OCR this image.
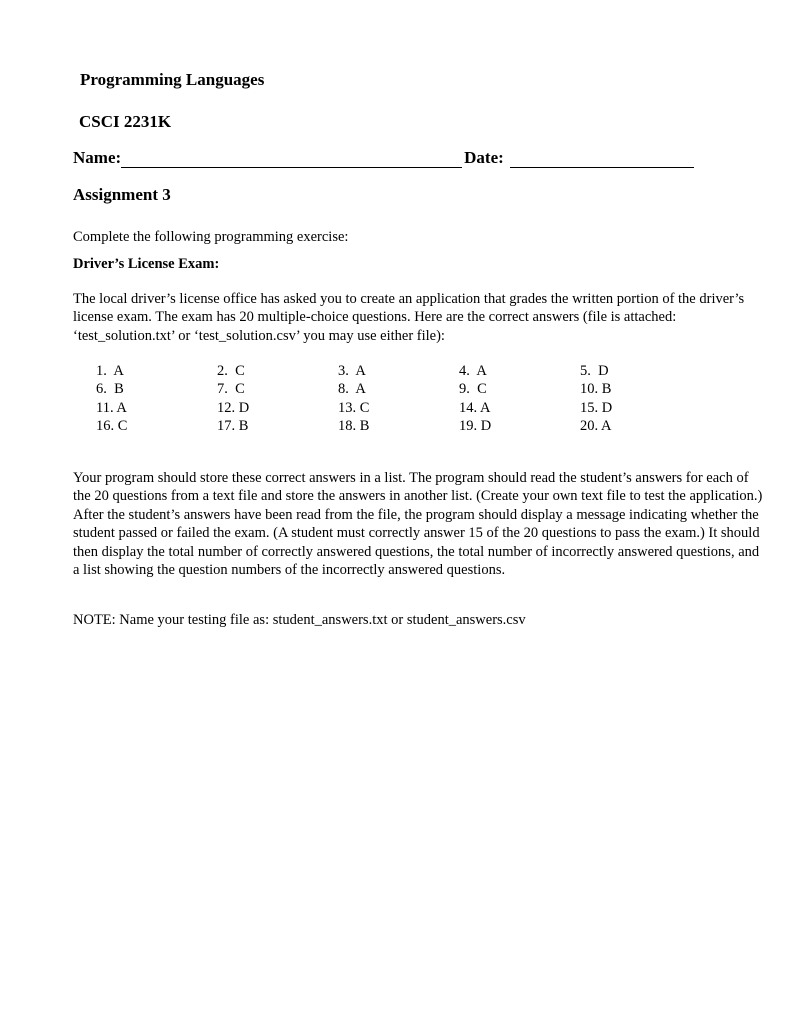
Programming Languages
CSCI 2231K
Name:	Date:
Assignment 3
Complete the following programming exercise:
Driver’s License Exam:
The local driver’s license office has asked you to create an application that grades the written portion of the driver’s license exam. The exam has 20 multiple-choice questions. Here are the correct answers (file is attached: ‘test_solution.txt’ or ‘test_solution.csv’ you may use either file):
1.  A	2.  C	3.  A	4.  A	5.  D
6.  B	7.  C	8.  A	9.  C	10. B
11. A	12. D	13. C	14. A	15. D
16. C	17. B	18. B	19. D	20. A
Your program should store these correct answers in a list. The program should read the student’s answers for each of the 20 questions from a text file and store the answers in another list. (Create your own text file to test the application.) After the student’s answers have been read from the file, the program should display a message indicating whether the student passed or failed the exam. (A student must correctly answer 15 of the 20 questions to pass the exam.) It should then display the total number of correctly answered questions, the total number of incorrectly answered questions, and a list showing the question numbers of the incorrectly answered questions.
NOTE: Name your testing file as: student_answers.txt or student_answers.csv
